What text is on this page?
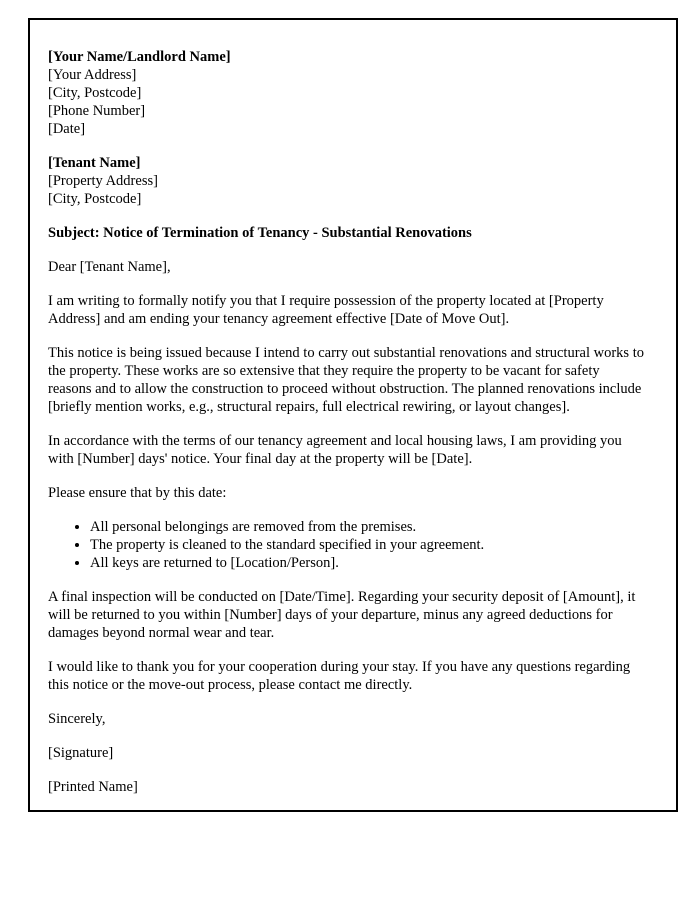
[Your Name/Landlord Name]
[Your Address]
[City, Postcode]
[Phone Number]
[Date]
[Tenant Name]
[Property Address]
[City, Postcode]

Subject: Notice of Termination of Tenancy - Substantial Renovations

Dear [Tenant Name],

I am writing to formally notify you that I require possession of the property located at [Property Address] and am ending your tenancy agreement effective [Date of Move Out].

This notice is being issued because I intend to carry out substantial renovations and structural works to the property. These works are so extensive that they require the property to be vacant for safety reasons and to allow the construction to proceed without obstruction. The planned renovations include [briefly mention works, e.g., structural repairs, full electrical rewiring, or layout changes].

In accordance with the terms of our tenancy agreement and local housing laws, I am providing you with [Number] days' notice. Your final day at the property will be [Date].

Please ensure that by this date:

• All personal belongings are removed from the premises.
• The property is cleaned to the standard specified in your agreement.
• All keys are returned to [Location/Person].

A final inspection will be conducted on [Date/Time]. Regarding your security deposit of [Amount], it will be returned to you within [Number] days of your departure, minus any agreed deductions for damages beyond normal wear and tear.

I would like to thank you for your cooperation during your stay. If you have any questions regarding this notice or the move-out process, please contact me directly.

Sincerely,

[Signature]

[Printed Name]
